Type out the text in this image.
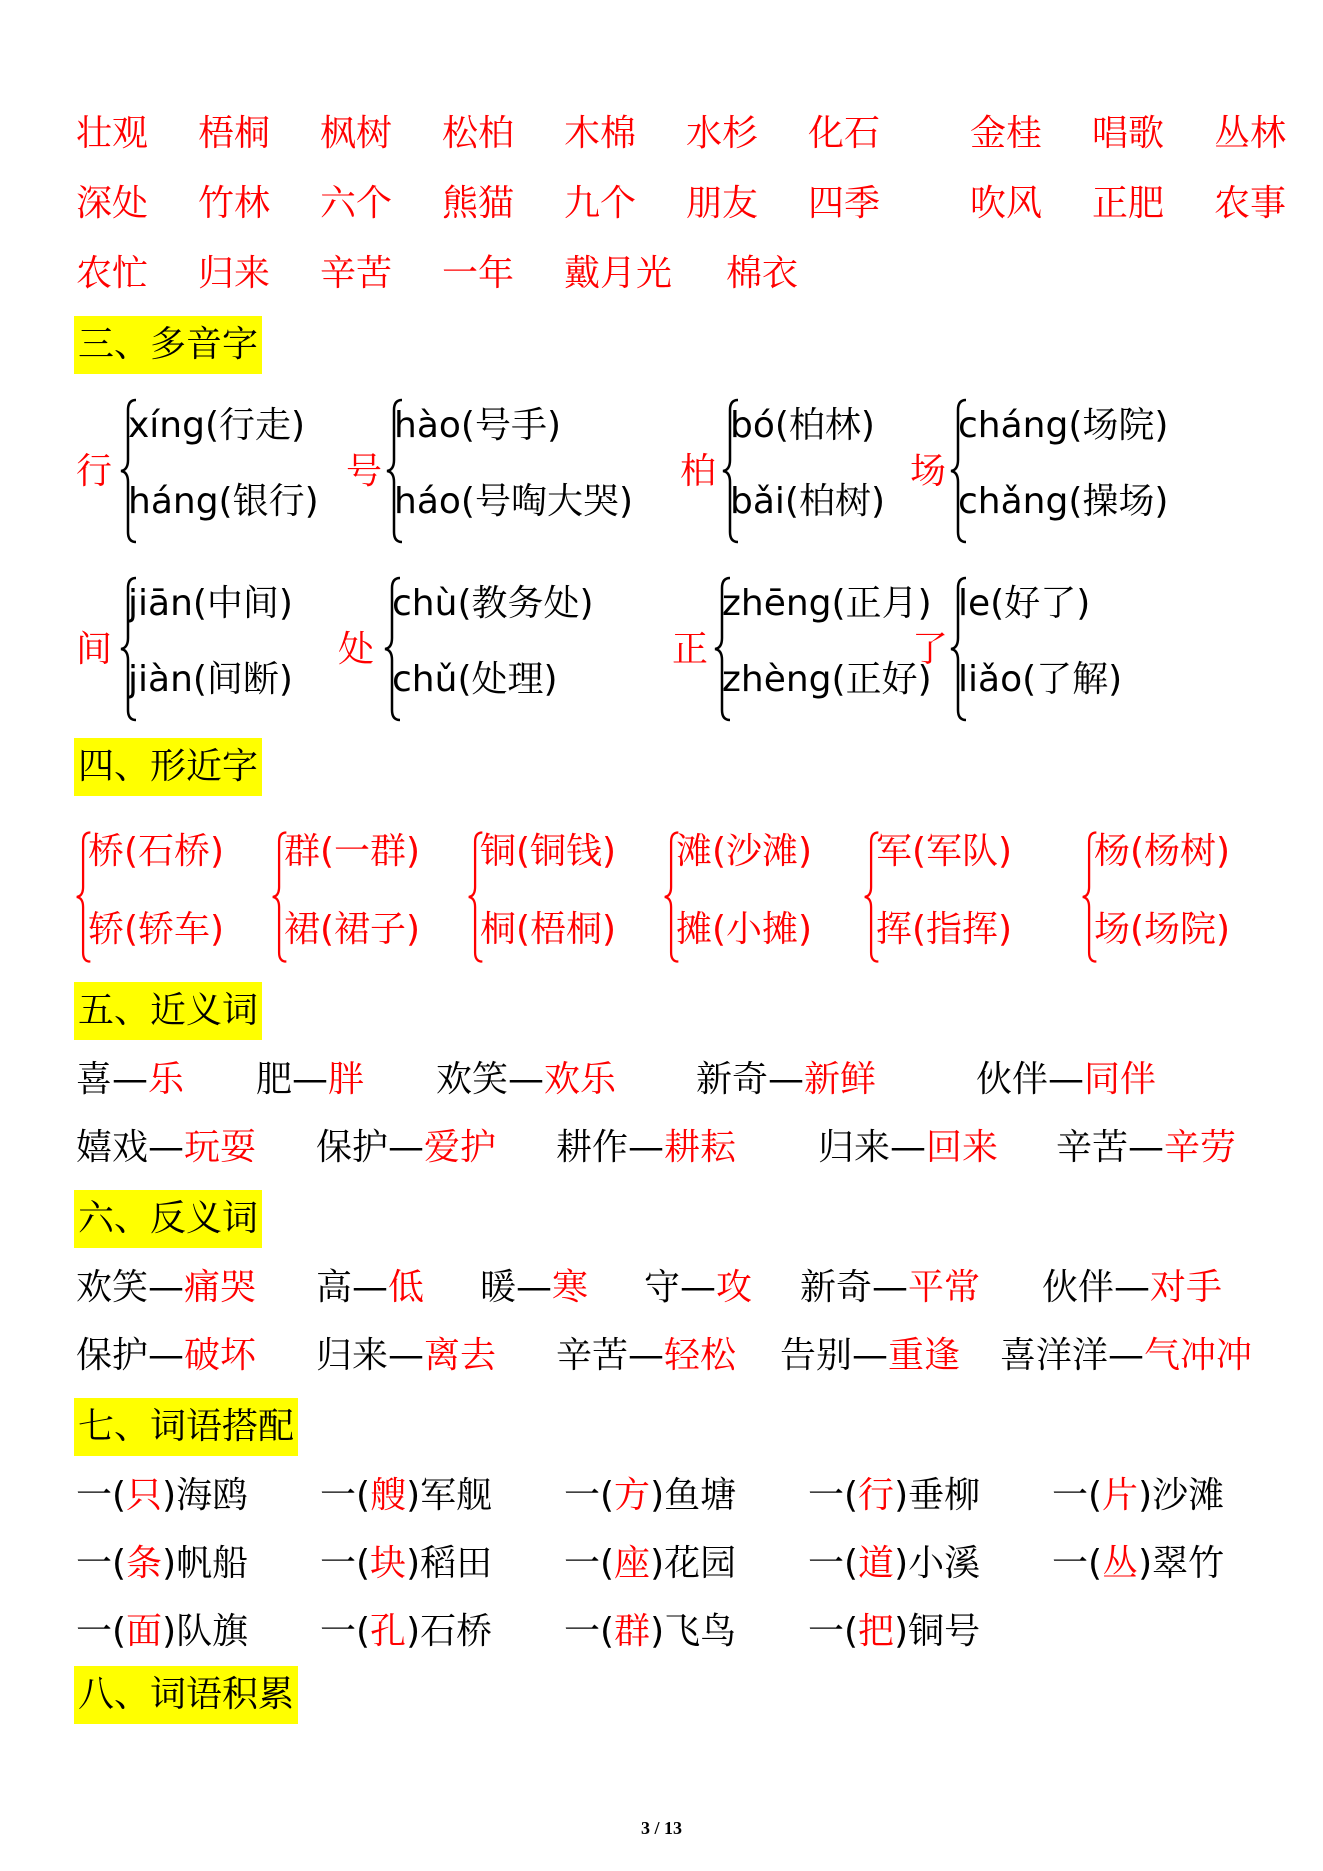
壮观 梧桐 枫树 松柏 木棉 水杉 化石 金桂 唱歌 丛林
深处 竹林 六个 熊猫 九个 朋友 四季 吹风 正肥 农事
农忙 归来 辛苦 一年 戴月光 棉衣
三、多音字
行
xíng(行走)
háng(银行)
号
hào(号手)
háo(号啕大哭)
柏
bó(柏林)
bǎi(柏树)
场
cháng(场院)
chǎng(操场)
间
jiān(中间)
jiàn(间断)
处
chù(教务处)
chǔ(处理)
正
zhēng(正月)
zhèng(正好)
了
le(好了)
liǎo(了解)
四、形近字
桥(石桥)
轿(轿车)
群(一群)
裙(裙子)
铜(铜钱)
桐(梧桐)
滩(沙滩)
摊(小摊)
军(军队)
挥(指挥)
杨(杨树)
场(场院)
五、近义词
喜—乐 肥—胖 欢笑—欢乐 新奇—新鲜	伙伴—同伴
嬉戏—玩耍 保护—爱护 耕作—耕耘 归来—回来 辛苦—辛劳
六、反义词
欢笑—痛哭 高—低 暖—寒 守—攻 新奇—平常 伙伴—对手
保护—破坏 归来—离去 辛苦—轻松 告别—重逢 喜洋洋—气冲冲
七、词语搭配
一(只)海鸥 一(艘)军舰 一(方)鱼塘 一(行)垂柳 一(片)沙滩
一(条)帆船 一(块)稻田 一(座)花园 一(道)小溪 一(丛)翠竹
一(面)队旗 一(孔)石桥 一(群)飞鸟 一(把)铜号
八、词语积累
3 / 13
